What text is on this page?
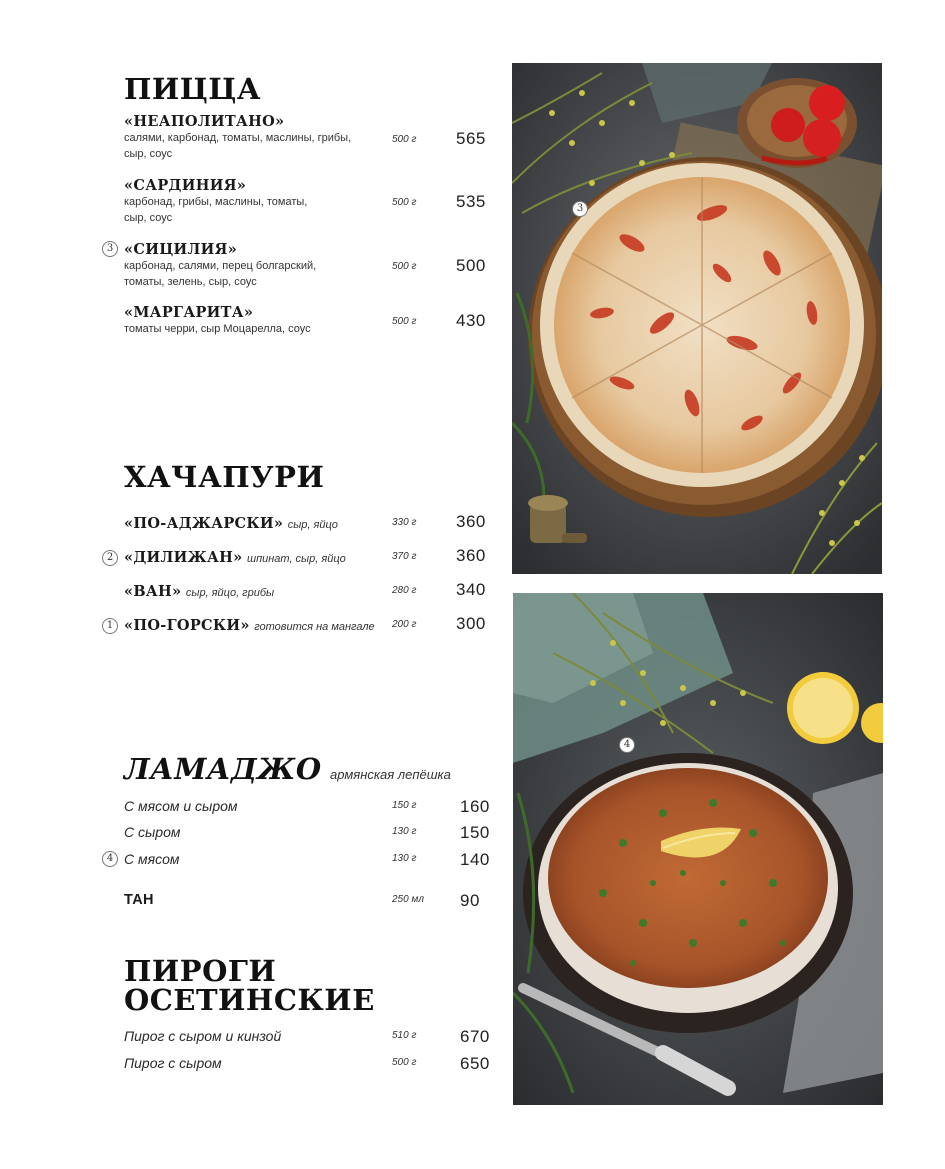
ПИЦЦА
«НЕАПОЛИТАНО»
салями, карбонад, томаты, маслины, грибы,
сыр, соус
500 г 565
«САРДИНИЯ»
карбонад, грибы, маслины, томаты,
сыр, соус
500 г 535
3 «СИЦИЛИЯ»
карбонад, салями, перец болгарский,
томаты, зелень, сыр, соус
500 г 500
«МАРГАРИТА»
томаты черри, сыр Моцарелла, соус
500 г 430
ХАЧАПУРИ
«ПО-АДЖАРСКИ» сыр, яйцо	330 г 360
2 «ДИЛИЖАН» шпинат, сыр, яйцо	370 г 360
«ВАН» сыр, яйцо, грибы	280 г 340
1 «ПО-ГОРСКИ» готовится на мангале 200 г 300
ЛАМАДЖО армянская лепёшка
С мясом и сыром	150 г	160
С сыром	130 г	150
4 С мясом	130 г	140
ТАН	250 мл 90
ПИРОГИ
ОСЕТИНСКИЕ
Пирог с сыром и кинзой	510 г	670
Пирог с сыром	500 г	650
3
4
